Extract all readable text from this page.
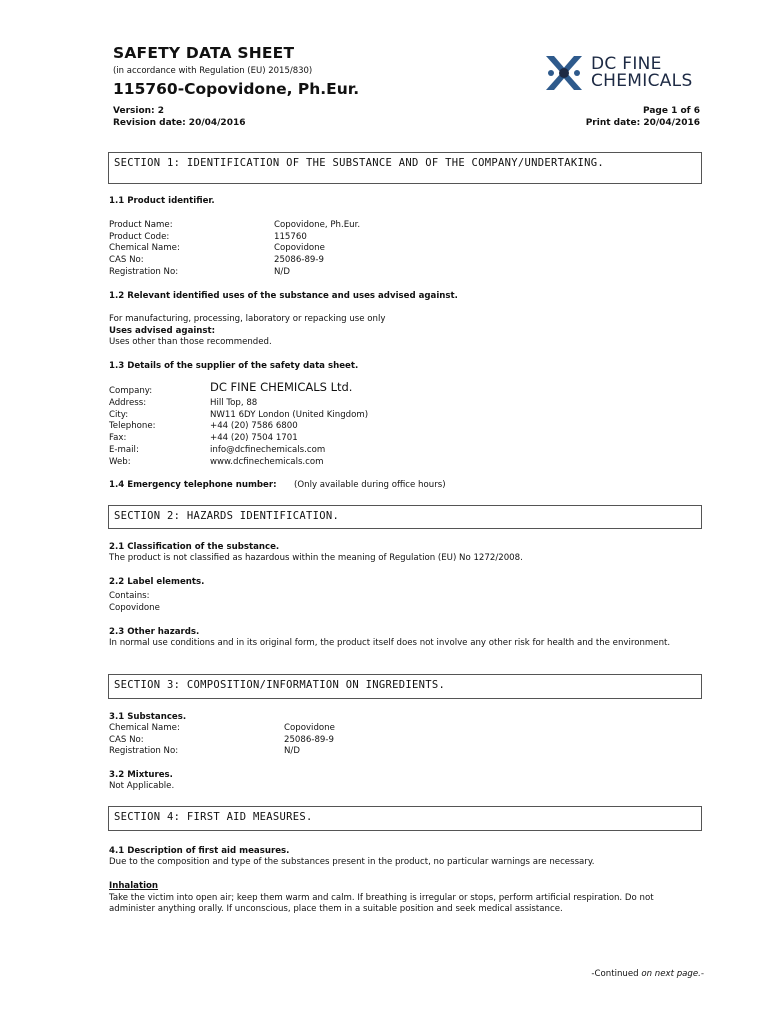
SAFETY DATA SHEET
(in accordance with Regulation (EU) 2015/830)
115760-Copovidone, Ph.Eur.
Version: 2
Revision date: 20/04/2016
Page 1 of 6
Print date: 20/04/2016
DC FINE
CHEMICALS
SECTION 1: IDENTIFICATION OF THE SUBSTANCE AND OF THE COMPANY/UNDERTAKING.
1.1 Product identifier.
Product Name:	Copovidone, Ph.Eur.
Product Code:	115760
Chemical Name:	Copovidone
CAS No:	25086-89-9
Registration No:	N/D
1.2 Relevant identified uses of the substance and uses advised against.
For manufacturing, processing, laboratory or repacking use only
Uses advised against:
Uses other than those recommended.
1.3 Details of the supplier of the safety data sheet.
Company:	DC FINE CHEMICALS Ltd.
Address:	Hill Top, 88
City:	NW11 6DY London (United Kingdom)
Telephone:	+44 (20) 7586 6800
Fax:	+44 (20) 7504 1701
E-mail:	info@dcfinechemicals.com
Web:	www.dcfinechemicals.com
1.4 Emergency telephone number: (Only available during office hours)
SECTION 2: HAZARDS IDENTIFICATION.
2.1 Classification of the substance.
The product is not classified as hazardous within the meaning of Regulation (EU) No 1272/2008.
2.2 Label elements.
Contains:
Copovidone
2.3 Other hazards.
In normal use conditions and in its original form, the product itself does not involve any other risk for health and the environment.
SECTION 3: COMPOSITION/INFORMATION ON INGREDIENTS.
3.1 Substances.
Chemical Name:	Copovidone
CAS No:	25086-89-9
Registration No:	N/D
3.2 Mixtures.
Not Applicable.
SECTION 4: FIRST AID MEASURES.
4.1 Description of first aid measures.
Due to the composition and type of the substances present in the product, no particular warnings are necessary.
Inhalation
Take the victim into open air; keep them warm and calm. If breathing is irregular or stops, perform artificial respiration. Do not
administer anything orally. If unconscious, place them in a suitable position and seek medical assistance.
-Continued on next page.-
